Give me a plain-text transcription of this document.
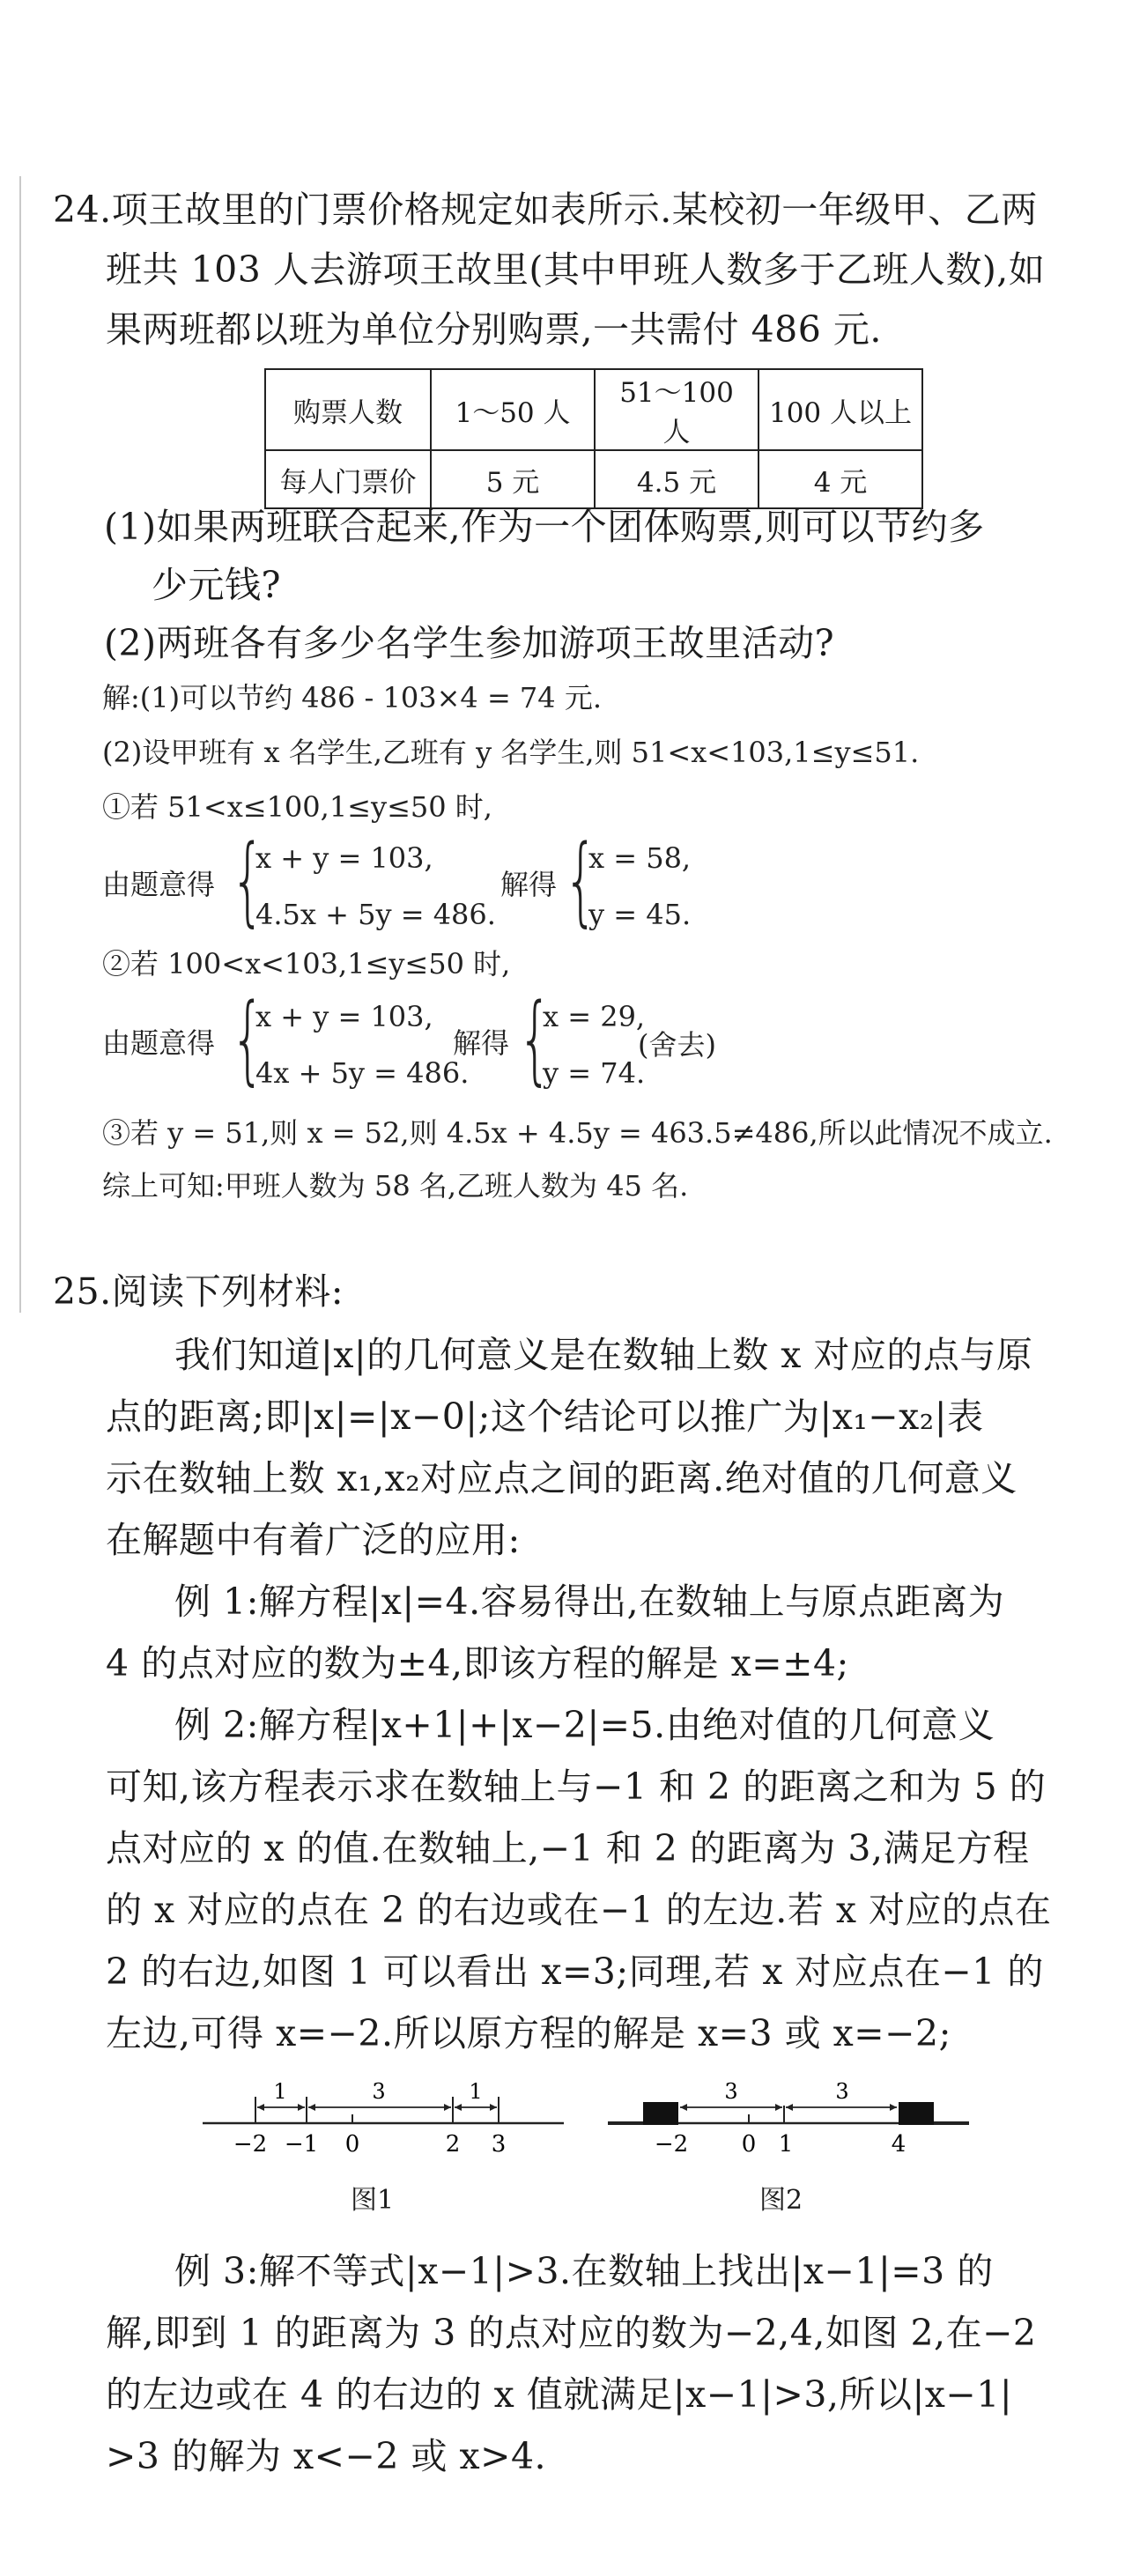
24.项王故里的门票价格规定如表所示.某校初一年级甲、乙两
班共 103 人去游项王故里(其中甲班人数多于乙班人数),如
果两班都以班为单位分别购票,一共需付 486 元.
购票人数	1～50 人	51～100 人	100 人以上
每人门票价	5 元	4.5 元	4 元
(1)如果两班联合起来,作为一个团体购票,则可以节约多
少元钱?
(2)两班各有多少名学生参加游项王故里活动?
解:(1)可以节约 486 - 103×4 = 74 元.
(2)设甲班有 x 名学生,乙班有 y 名学生,则 51<x<103,1≤y≤51.
①若 51<x≤100,1≤y≤50 时,
由题意得 {
x + y = 103,
4.5x + 5y = 486.
解得 {
x = 58,
y = 45.
②若 100<x<103,1≤y≤50 时,
由题意得 {
x + y = 103,
4x + 5y = 486.
解得 {
x = 29,
y = 74.
(舍去)
③若 y = 51,则 x = 52,则 4.5x + 4.5y = 463.5≠486,所以此情况不成立.
综上可知:甲班人数为 58 名,乙班人数为 45 名.
25.阅读下列材料:
我们知道|x|的几何意义是在数轴上数 x 对应的点与原
点的距离;即|x|=|x−0|;这个结论可以推广为|x₁−x₂|表
示在数轴上数 x₁,x₂对应点之间的距离.绝对值的几何意义
在解题中有着广泛的应用:
例 1:解方程|x|=4.容易得出,在数轴上与原点距离为
4 的点对应的数为±4,即该方程的解是 x=±4;
例 2:解方程|x+1|+|x−2|=5.由绝对值的几何意义
可知,该方程表示求在数轴上与−1 和 2 的距离之和为 5 的
点对应的 x 的值.在数轴上,−1 和 2 的距离为 3,满足方程
的 x 对应的点在 2 的右边或在−1 的左边.若 x 对应的点在
2 的右边,如图 1 可以看出 x=3;同理,若 x 对应点在−1 的
左边,可得 x=−2.所以原方程的解是 x=3 或 x=−2;
1	3	1
−2 −1 0	2 3
图1
3	3
−2 0 1	4
图2
例 3:解不等式|x−1|>3.在数轴上找出|x−1|=3 的
解,即到 1 的距离为 3 的点对应的数为−2,4,如图 2,在−2
的左边或在 4 的右边的 x 值就满足|x−1|>3,所以|x−1|
>3 的解为 x<−2 或 x>4.
